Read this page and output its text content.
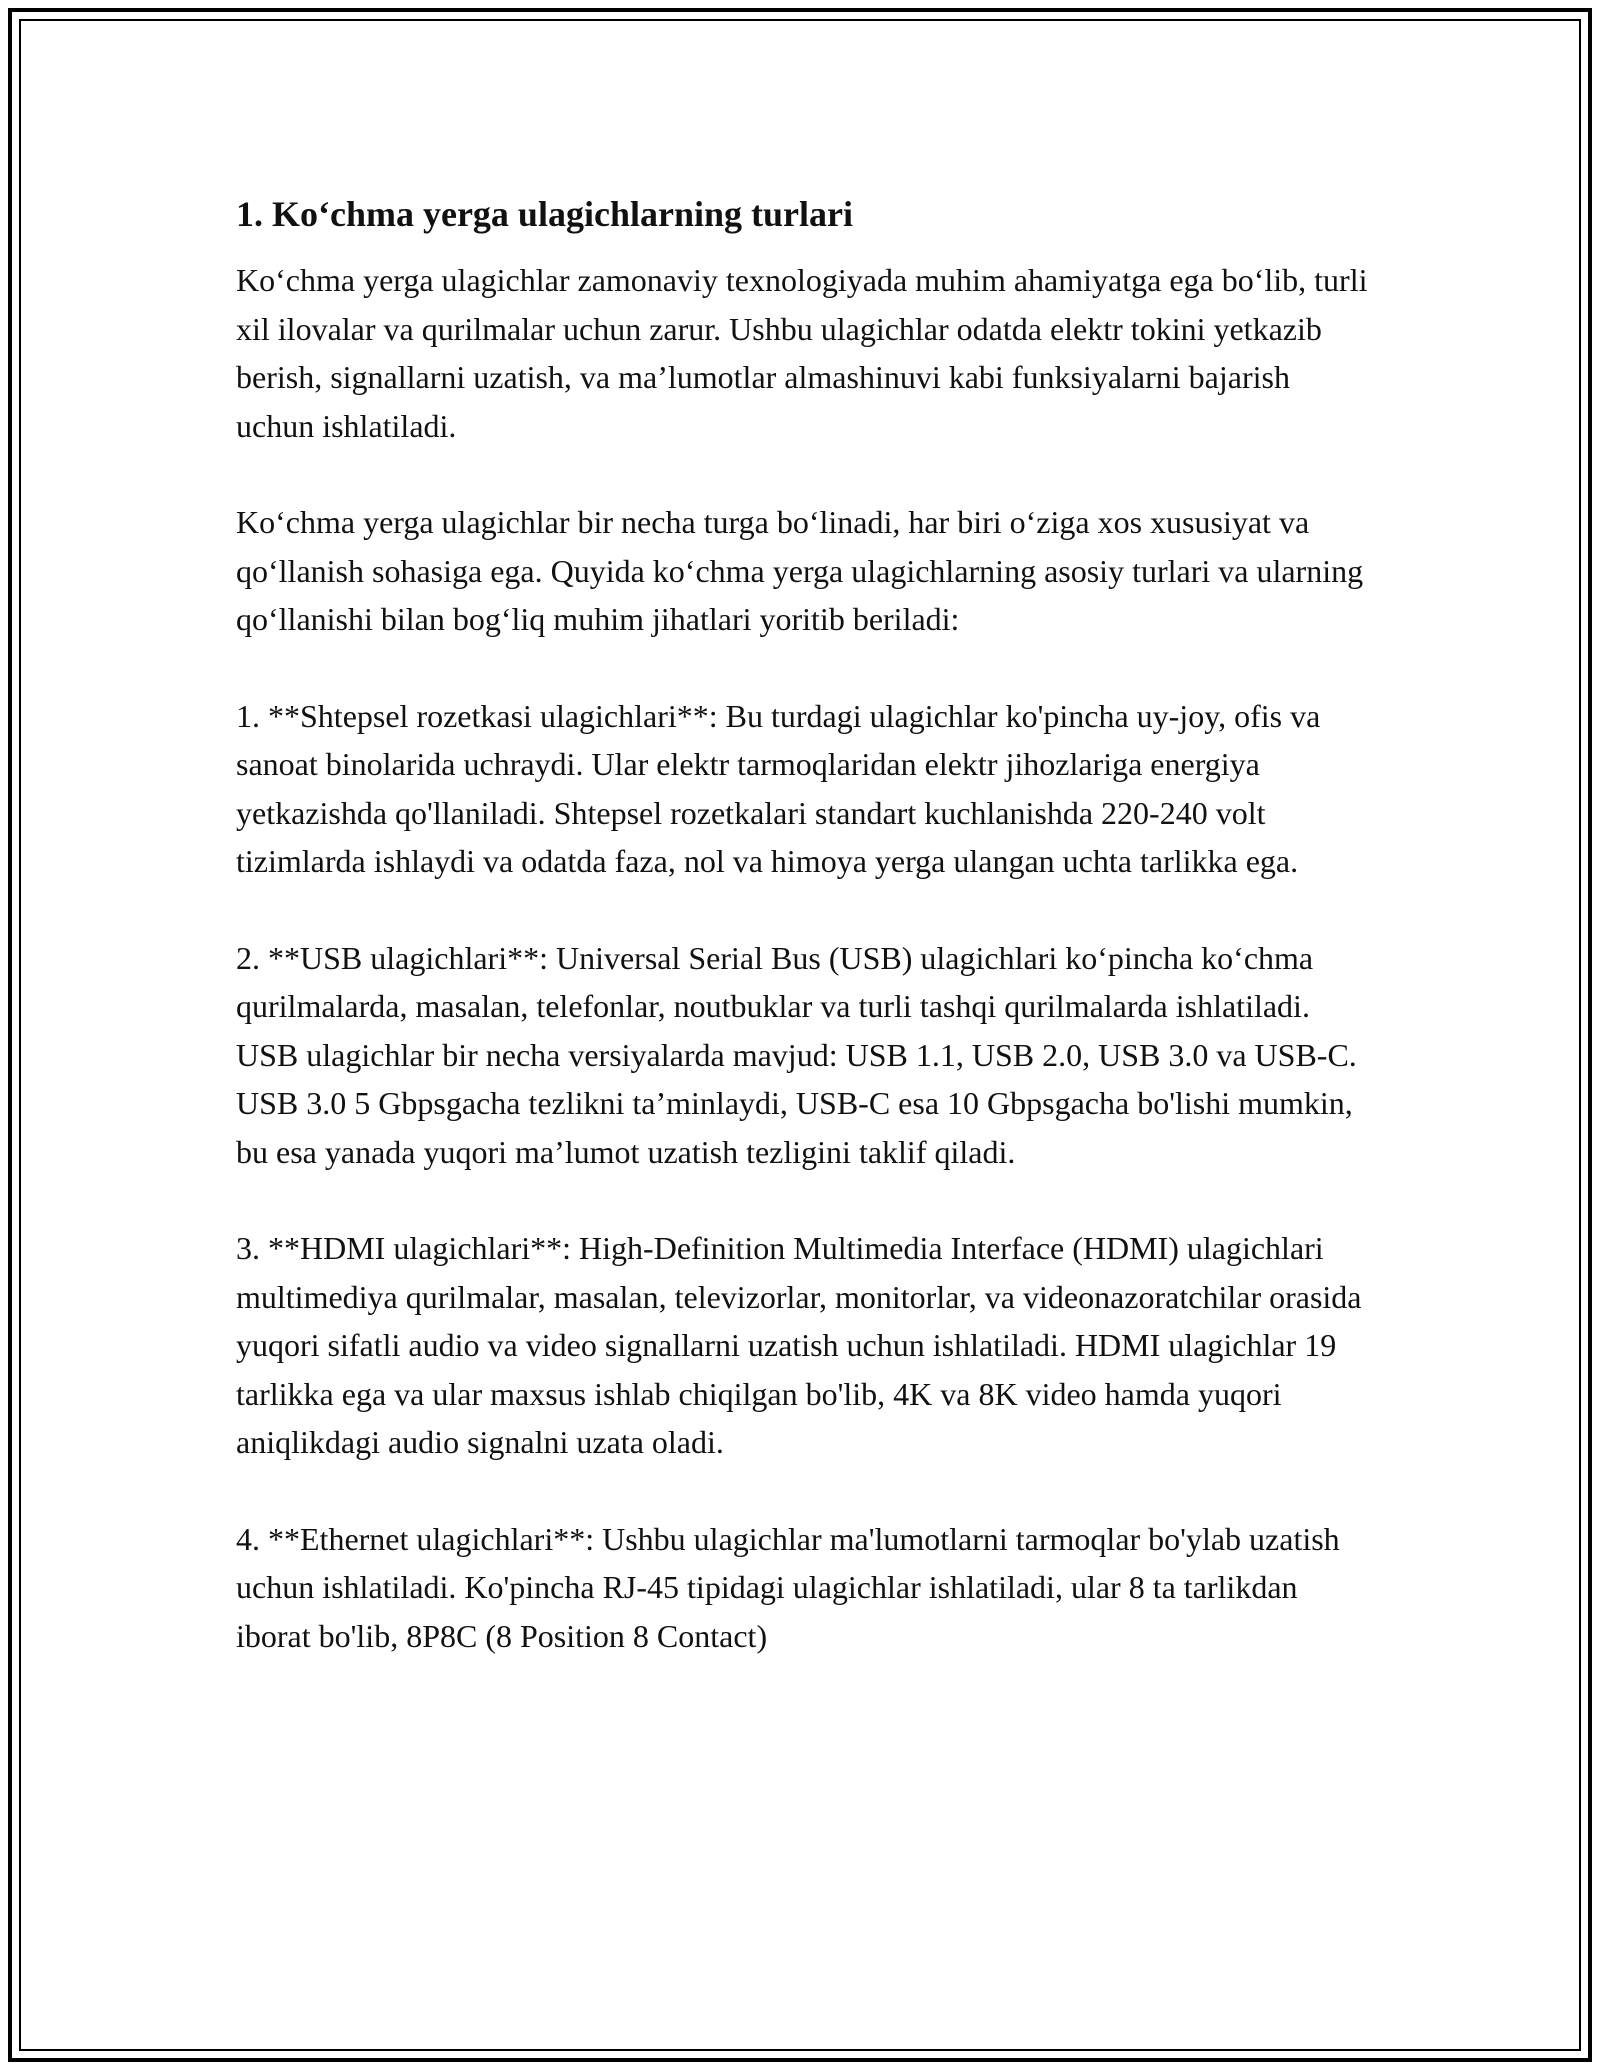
1. Ko‘chma yerga ulagichlarning turlari

Ko‘chma yerga ulagichlar zamonaviy texnologiyada muhim ahamiyatga ega bo‘lib, turli xil ilovalar va qurilmalar uchun zarur. Ushbu ulagichlar odatda elektr tokini yetkazib berish, signallarni uzatish, va ma’lumotlar almashinuvi kabi funksiyalarni bajarish uchun ishlatiladi.

Ko‘chma yerga ulagichlar bir necha turga bo‘linadi, har biri o‘ziga xos xususiyat va qo‘llanish sohasiga ega. Quyida ko‘chma yerga ulagichlarning asosiy turlari va ularning qo‘llanishi bilan bog‘liq muhim jihatlari yoritib beriladi:

1. **Shtepsel rozetkasi ulagichlari**: Bu turdagi ulagichlar ko'pincha uy-joy, ofis va sanoat binolarida uchraydi. Ular elektr tarmoqlaridan elektr jihozlariga energiya yetkazishda qo'llaniladi. Shtepsel rozetkalari standart kuchlanishda 220-240 volt tizimlarda ishlaydi va odatda faza, nol va himoya yerga ulangan uchta tarlikka ega.

2. **USB ulagichlari**: Universal Serial Bus (USB) ulagichlari ko‘pincha ko‘chma qurilmalarda, masalan, telefonlar, noutbuklar va turli tashqi qurilmalarda ishlatiladi. USB ulagichlar bir necha versiyalarda mavjud: USB 1.1, USB 2.0, USB 3.0 va USB-C. USB 3.0 5 Gbpsgacha tezlikni ta’minlaydi, USB-C esa 10 Gbpsgacha bo'lishi mumkin, bu esa yanada yuqori ma’lumot uzatish tezligini taklif qiladi.

3. **HDMI ulagichlari**: High-Definition Multimedia Interface (HDMI) ulagichlari multimediya qurilmalar, masalan, televizorlar, monitorlar, va videonazoratchilar orasida yuqori sifatli audio va video signallarni uzatish uchun ishlatiladi. HDMI ulagichlar 19 tarlikka ega va ular maxsus ishlab chiqilgan bo'lib, 4K va 8K video hamda yuqori aniqlikdagi audio signalni uzata oladi.

4. **Ethernet ulagichlari**: Ushbu ulagichlar ma'lumotlarni tarmoqlar bo'ylab uzatish uchun ishlatiladi. Ko'pincha RJ-45 tipidagi ulagichlar ishlatiladi, ular 8 ta tarlikdan iborat bo'lib, 8P8C (8 Position 8 Contact)
